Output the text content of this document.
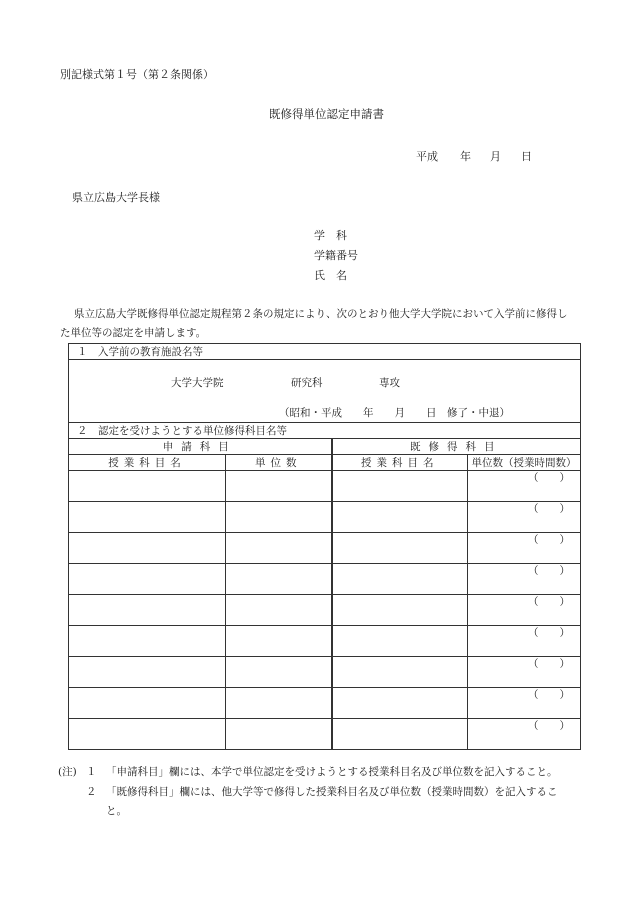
別記様式第１号（第２条関係）
既修得単位認定申請書
平成 年 月 日
県立広島大学長様
学　科
学籍番号
氏　名
県立広島大学既修得単位認定規程第２条の規定により、次のとおり他大学大学院において入学前に修得し
た単位等の認定を申請します。
１　入学前の教育施設名等			

大学大学院 研究科 専攻
（昭和・平成　　年　　月　　日　修了・中退）			

２　認定を受けようとする単位修得科目名等			
申請科目		既修得科目	
授業科目名	単位数	授業科目名	単位数（授業時間数）
			（　　）
			（　　）
			（　　）
			（　　）
			（　　）
			（　　）
			（　　）
			（　　）
			（　　）
(注) １ 「申請科目」欄には、本学で単位認定を受けようとする授業科目名及び単位数を記入すること。
２ 「既修得科目」欄には、他大学等で修得した授業科目名及び単位数（授業時間数）を記入するこ
と。
